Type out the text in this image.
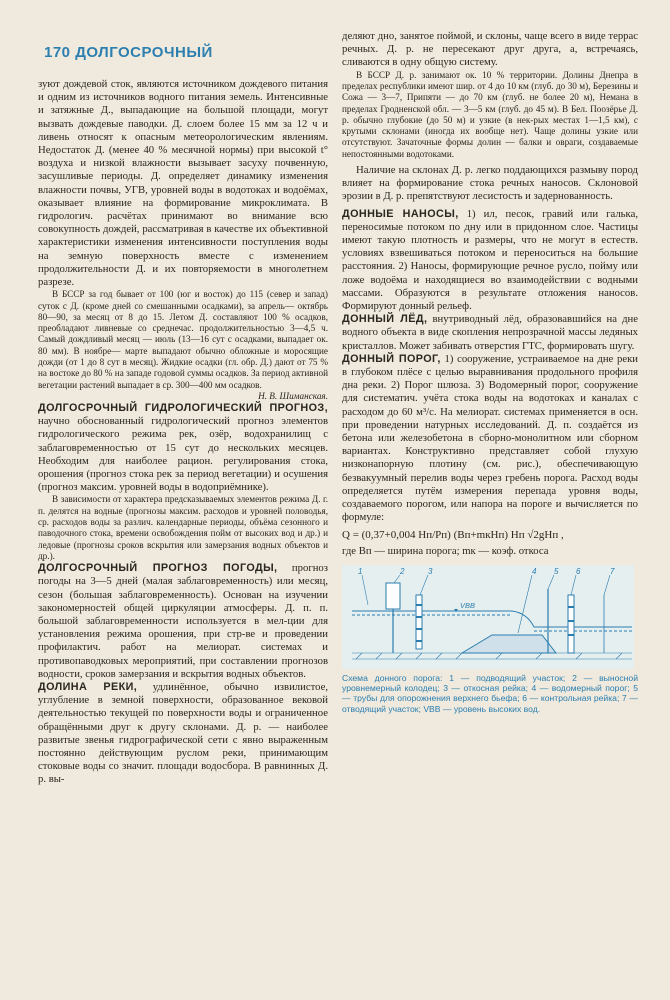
170 ДОЛГОСРОЧНЫЙ

зуют дождевой сток, являются источником дождевого питания и одним из источников водного питания земель. Интенсивные и затяжные Д., выпадающие на большой площади, могут вызвать дождевые паводки. Д. слоем более 15 мм за 12 ч и ливень относят к опасным метеорологическим явлениям. Недостаток Д. (менее 40 % месячной нормы) при высокой t° воздуха и низкой влажности вызывает засуху почвенную, засушливые периоды. Д. определяет динамику изменения влажности почвы, УГВ, уровней воды в водотоках и водоёмах, оказывает влияние на формирование микроклимата. В гидрологич. расчётах принимают во внимание всю совокупность дождей, рассматривая в качестве их объективной характеристики изменения интенсивности поступления воды на земную поверхность вместе с изменением продолжительности Д. и их повторяемости в многолетнем разрезе.

В БССР за год бывает от 100 (юг и восток) до 115 (север и запад) суток с Д. (кроме дней со смешанными осадками), за апрель— октябрь 80—90, за месяц от 8 до 15. Летом Д. составляют 100 % осадков, преобладают ливневые со среднечас. продолжительностью 3—4,5 ч. Самый дождливый месяц — июль (13—16 сут с осадками, выпадает ок. 80 мм). В ноябре— марте выпадают обычно обложные и моросящие дожди (от 1 до 8 сут в месяц). Жидкие осадки (гл. обр. Д.) дают от 75 % на востоке до 80 % на западе годовой суммы осадков. За период активной вегетации растений выпадает в ср. 300—400 мм осадков.

Н. В. Шиманская.

ДОЛГОСРОЧНЫЙ ГИДРОЛОГИЧЕСКИЙ ПРОГНОЗ, научно обоснованный гидрологический прогноз элементов гидрологического режима рек, озёр, водохранилищ с заблаговременностью от 15 сут до нескольких месяцев. Необходим для наиболее рацион. регулирования стока, орошения (прогноз стока рек за период вегетации) и осушения (прогноз максим. уровней воды в водоприёмнике).

В зависимости от характера предсказываемых элементов режима Д. г. п. делятся на водные (прогнозы максим. расходов и уровней половодья, ср. расходов воды за различ. календарные периоды, объёма сезонного и паводочного стока, времени освобождения пойм от высоких вод и др.) и ледовые (прогнозы сроков вскрытия или замерзания водных объектов и др.).

ДОЛГОСРОЧНЫЙ ПРОГНОЗ ПОГОДЫ, прогноз погоды на 3—5 дней (малая заблаговременность) или месяц, сезон (большая заблаговременность). Основан на изучении закономерностей общей циркуляции атмосферы. Д. п. п. большой заблаговременности используется в мел-ции для установления режима орошения, при стр-ве и проведении профилактич. работ на мелиорат. системах и противопаводковых мероприятий, при составлении прогнозов водности, сроков замерзания и вскрытия водных объектов.

ДОЛИНА РЕКИ, удлинённое, обычно извилистое, углубление в земной поверхности, образованное вековой деятельностью текущей по поверхности воды и ограниченное обращёнными друг к другу склонами. Д. р. — наиболее развитые звенья гидрографической сети с явно выраженным постоянно действующим руслом реки, принимающим стоковые воды со значит. площади водосбора. В равнинных Д. р. вы-

деляют дно, занятое поймой, и склоны, чаще всего в виде террас речных. Д. р. не пересекают друг друга, а, встречаясь, сливаются в одну общую систему.

В БССР Д. р. занимают ок. 10 % территории. Долины Днепра в пределах республики имеют шир. от 4 до 10 км (глуб. до 30 м), Березины и Сожа — 3—7, Припяти — до 70 км (глуб. не более 20 м), Немана в пределах Гродненской обл. — 3—5 км (глуб. до 45 м). В Бел. Поозёрье Д. р. обычно глубокие (до 50 м) и узкие (в нек-рых местах 1—1,5 км), с крутыми склонами (иногда их вообще нет). Чаще долины узкие или отсутствуют. Зачаточные формы долин — балки и овраги, создаваемые непостоянными водотоками.

Наличие на склонах Д. р. легко поддающихся размыву пород влияет на формирование стока речных наносов. Склоновой эрозии в Д. р. препятствуют лесистость и задернованность.

ДОННЫЕ НАНОСЫ, 1) ил, песок, гравий или галька, переносимые потоком по дну или в придонном слое. Частицы имеют такую плотность и размеры, что не могут в естеств. условиях взвешиваться потоком и переноситься на большие расстояния. 2) Наносы, формирующие речное русло, пойму или ложе водоёма и находящиеся во взаимодействии с водными массами. Образуются в результате отложения наносов. Формируют донный рельеф.

ДОННЫЙ ЛЁД, внутриводный лёд, образовавшийся на дне водного объекта в виде скопления непрозрачной массы ледяных кристаллов. Может забивать отверстия ГТС, формировать шугу.

ДОННЫЙ ПОРОГ, 1) сооружение, устраиваемое на дне реки в глубоком плёсе с целью выравнивания продольного профиля дна реки. 2) Порог шлюза. 3) Водомерный порог, сооружение для систематич. учёта стока воды на водотоках и каналах с расходом до 60 м³/с. На мелиорат. системах применяется в осн. при проведении натурных исследований. Д. п. создаётся из бетона или железобетона в сборно-монолитном или сборном вариантах. Конструктивно представляет собой глухую низконапорную плотину (см. рис.), обеспечивающую безвакуумный перелив воды через гребень порога. Расход воды определяется путём измерения перепада уровня воды, создаваемого порогом, или напора на пороге и вычисляется по формуле:

Q = (0,37+0,004 Hп/Pп) (Bп+mкHп) Hп √2gHп ,

где Bп — ширина порога; mк — коэф. откоса

1	2	3	4 5 6	7
VBB
Схема донного порога: 1 — подводящий участок; 2 — выносной уровнемерный колодец; 3 — откосная рейка; 4 — водомерный порог; 5 — трубы для опорожнения верхнего бьефа; 6 — контрольная рейка; 7 — отводящий участок; VBB — уровень высоких вод.
